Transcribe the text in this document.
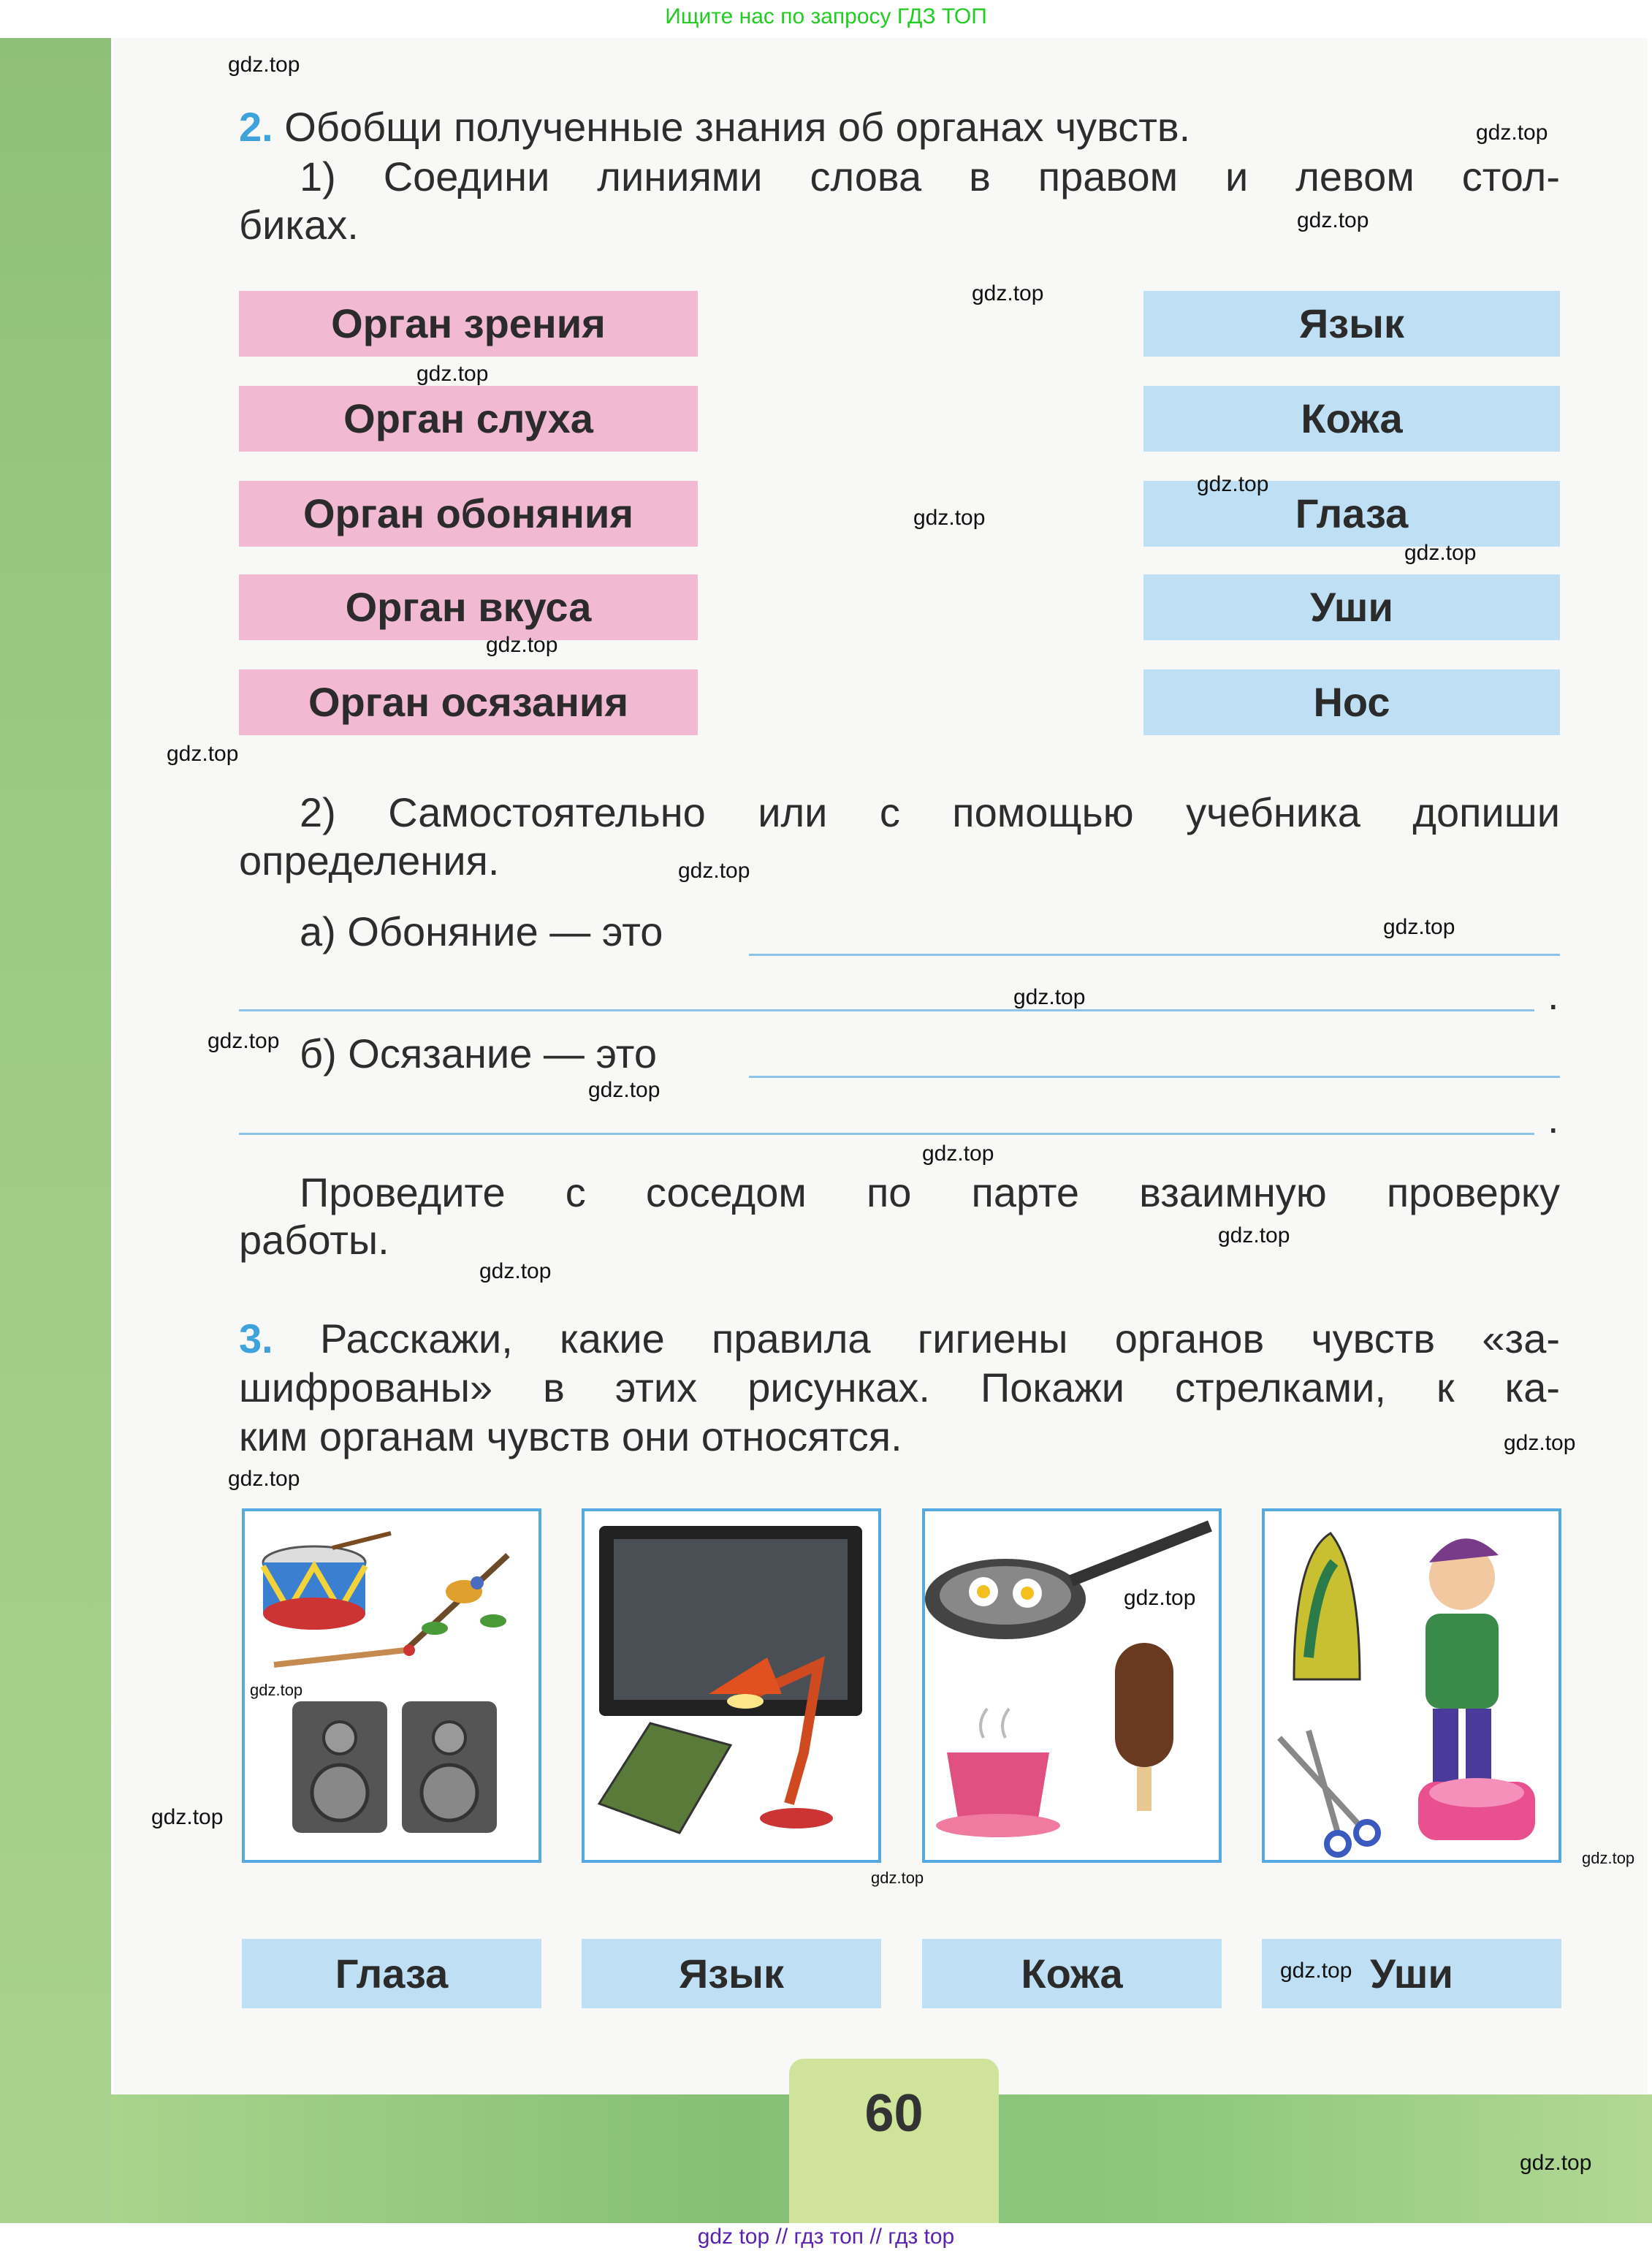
Ищите нас по запросу ГДЗ ТОП
2. Обобщи полученные знания об органах чувств.
1) Соедини линиями слова в правом и левом стол-
биках.
Орган зрения
Орган слуха
Орган обоняния
Орган вкуса
Орган осязания
Язык
Кожа
Глаза
Уши
Нос
2) Самостоятельно или с помощью учебника допиши
определения.
а) Обоняние — это
.
б) Осязание — это
.
Проведите с соседом по парте взаимную проверку
работы.
3. Расскажи, какие правила гигиены органов чувств «за-
шифрованы» в этих рисунках. Покажи стрелками, к ка-
ким органам чувств они относятся.
Глаза	Язык	Кожа	Уши
60
gdz.top
gdz.top
gdz.top
gdz.top
gdz.top
gdz.top
gdz.top
gdz.top
gdz.top
gdz.top
gdz.top
gdz.top
gdz.top
gdz.top
gdz.top
gdz.top
gdz.top
gdz.top
gdz.top
gdz.top
gdz.top
gdz.top
gdz.top
gdz.top
gdz.top
gdz.top
gdz.top
gdz top // гдз топ // гдз top
